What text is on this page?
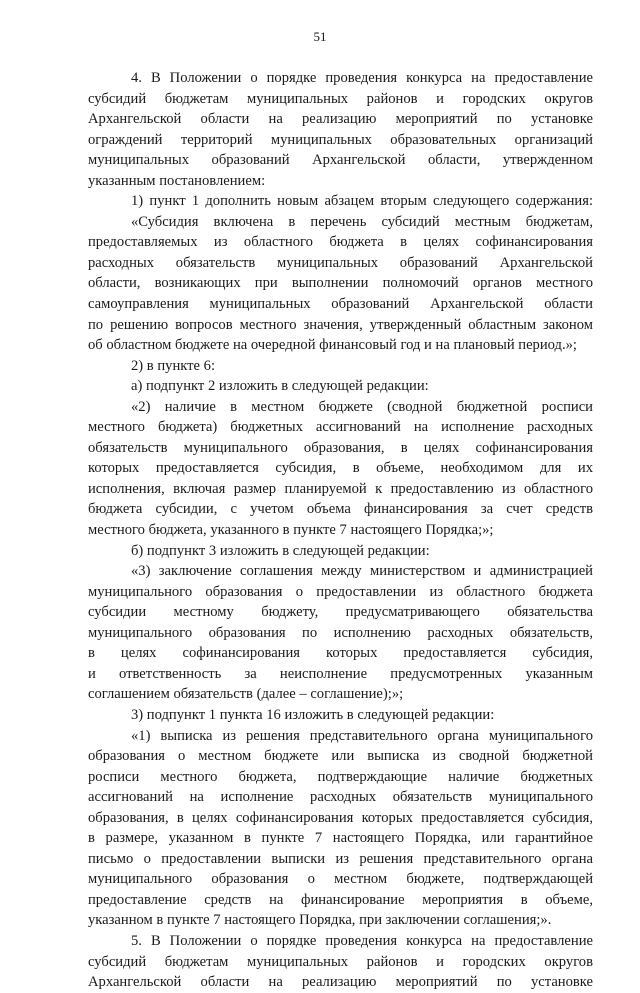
51
4. В Положении о порядке проведения конкурса на предоставление
субсидий бюджетам муниципальных районов и городских округов
Архангельской области на реализацию мероприятий по установке
ограждений территорий муниципальных образовательных организаций
муниципальных образований Архангельской области, утвержденном
указанным постановлением:
1) пункт 1 дополнить новым абзацем вторым следующего содержания:
«Субсидия включена в перечень субсидий местным бюджетам,
предоставляемых из областного бюджета в целях софинансирования
расходных обязательств муниципальных образований Архангельской
области, возникающих при выполнении полномочий органов местного
самоуправления муниципальных образований Архангельской области
по решению вопросов местного значения, утвержденный областным законом
об областном бюджете на очередной финансовый год и на плановый период.»;
2) в пункте 6:
а) подпункт 2 изложить в следующей редакции:
«2) наличие в местном бюджете (сводной бюджетной росписи
местного бюджета) бюджетных ассигнований на исполнение расходных
обязательств муниципального образования, в целях софинансирования
которых предоставляется субсидия, в объеме, необходимом для их
исполнения, включая размер планируемой к предоставлению из областного
бюджета субсидии, с учетом объема финансирования за счет средств
местного бюджета, указанного в пункте 7 настоящего Порядка;»;
б) подпункт 3 изложить в следующей редакции:
«3) заключение соглашения между министерством и администрацией
муниципального образования о предоставлении из областного бюджета
субсидии местному бюджету, предусматривающего обязательства
муниципального образования по исполнению расходных обязательств,
в целях софинансирования которых предоставляется субсидия,
и ответственность за неисполнение предусмотренных указанным
соглашением обязательств (далее – соглашение);»;
3) подпункт 1 пункта 16 изложить в следующей редакции:
«1) выписка из решения представительного органа муниципального
образования о местном бюджете или выписка из сводной бюджетной
росписи местного бюджета, подтверждающие наличие бюджетных
ассигнований на исполнение расходных обязательств муниципального
образования, в целях софинансирования которых предоставляется субсидия,
в размере, указанном в пункте 7 настоящего Порядка, или гарантийное
письмо о предоставлении выписки из решения представительного органа
муниципального образования о местном бюджете, подтверждающей
предоставление средств на финансирование мероприятия в объеме,
указанном в пункте 7 настоящего Порядка, при заключении соглашения;».
5. В Положении о порядке проведения конкурса на предоставление
субсидий бюджетам муниципальных районов и городских округов
Архангельской области на реализацию мероприятий по установке
